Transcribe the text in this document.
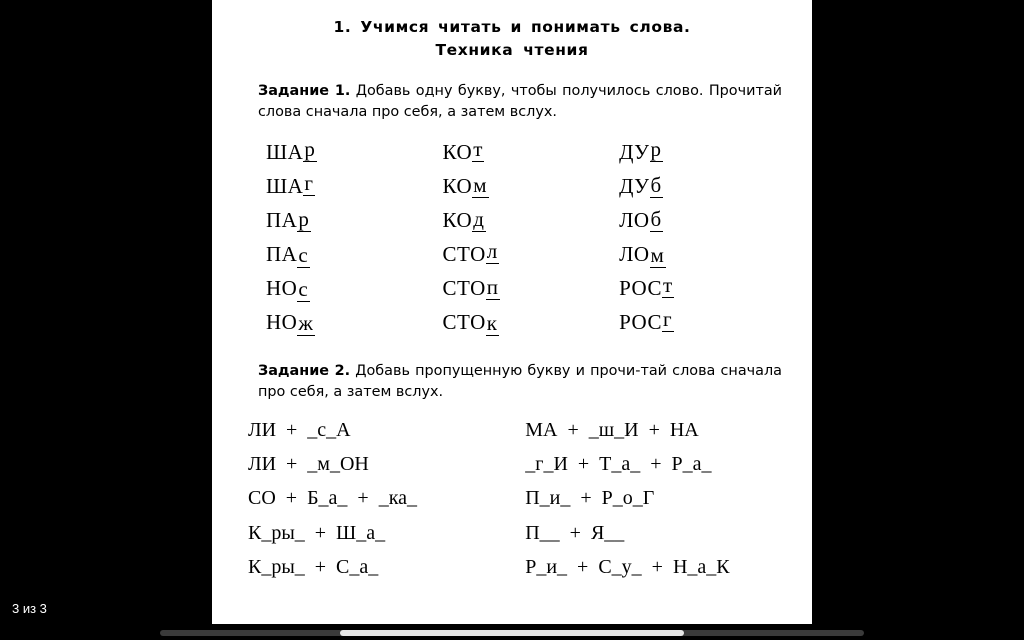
1. Учимся читать и понимать слова.
Техника чтения

Задание 1. Добавь одну букву, чтобы получилось слово. Прочитай слова сначала про себя, а затем вслух.

ШАр
ШАг
ПАр
ПАс
НОс
НОж
КОт
КОм
КОд
СТОл
СТОп
СТОк
ДУр
ДУб
ЛОб
ЛОм
РОСт
РОСг

Задание 2. Добавь пропущенную букву и прочи-тай слова сначала про себя, а затем вслух.

ЛИ  +  _с_А
ЛИ  +  _м_ОН
СО  +  Б_а_  +  _ка_
К_ры_  +  Ш_а_
К_ры_  +  С_а_
МА  +  _ш_И  +  НА
_г_И  +  Т_а_  +  Р_а_
П_и_  +  Р_о_Г
П__  +  Я__
Р_и_  +  С_у_  +  Н_а_К
3 из 3
